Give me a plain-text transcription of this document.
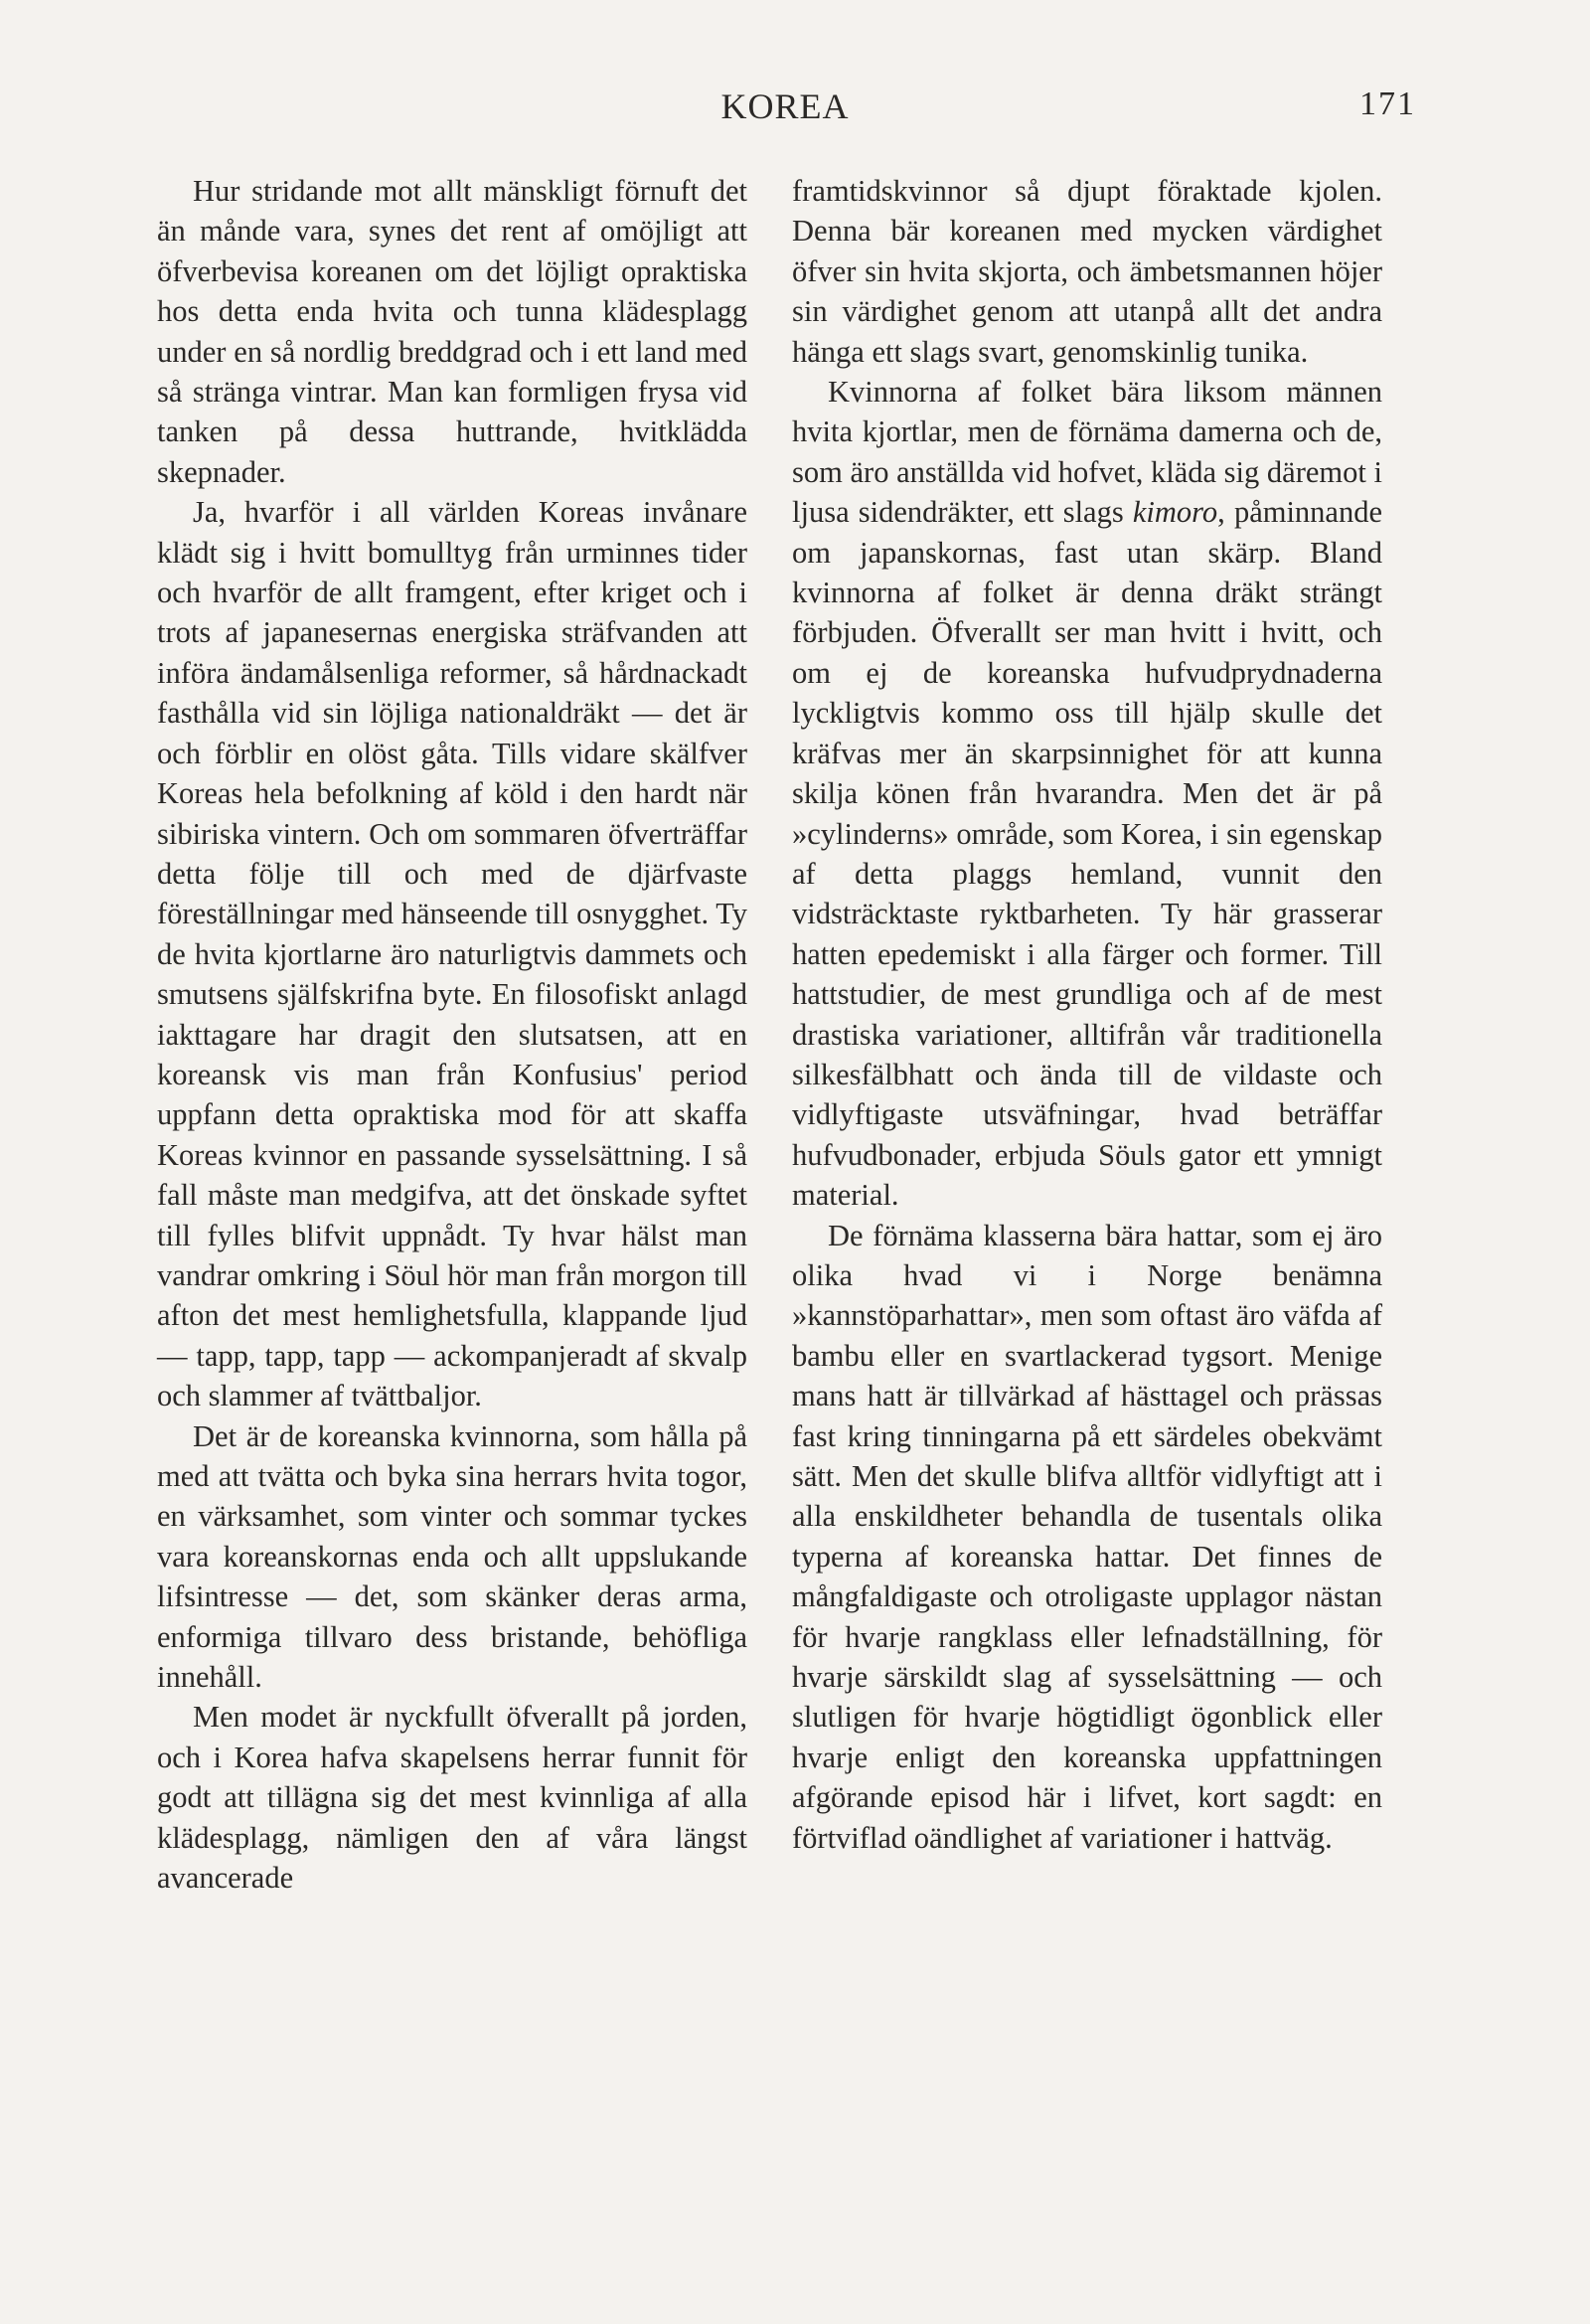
KOREA	171

Hur stridande mot allt mänskligt förnuft det än månde vara, synes det rent af omöjligt att öfverbevisa koreanen om det löjligt opraktiska hos detta enda hvita och tunna klädesplagg under en så nordlig breddgrad och i ett land med så stränga vintrar. Man kan formligen frysa vid tanken på dessa huttrande, hvitklädda skepnader.

Ja, hvarför i all världen Koreas invånare klädt sig i hvitt bomulltyg från urminnes tider och hvarför de allt framgent, efter kriget och i trots af japanesernas energiska sträfvanden att införa ändamålsenliga reformer, så hårdnackadt fasthålla vid sin löjliga nationaldräkt — det är och förblir en olöst gåta. Tills vidare skälfver Koreas hela befolkning af köld i den hardt när sibiriska vintern. Och om sommaren öfverträffar detta följe till och med de djärfvaste föreställningar med hänseende till osnygghet. Ty de hvita kjortlarne äro naturligtvis dammets och smutsens själfskrifna byte. En filosofiskt anlagd iakttagare har dragit den slutsatsen, att en koreansk vis man från Konfusius' period uppfann detta opraktiska mod för att skaffa Koreas kvinnor en passande sysselsättning. I så fall måste man medgifva, att det önskade syftet till fylles blifvit uppnådt. Ty hvar hälst man vandrar omkring i Söul hör man från morgon till afton det mest hemlighetsfulla, klappande ljud — tapp, tapp, tapp — ackompanjeradt af skvalp och slammer af tvättbaljor.

Det är de koreanska kvinnorna, som hålla på med att tvätta och byka sina herrars hvita togor, en värksamhet, som vinter och sommar tyckes vara koreanskornas enda och allt uppslukande lifsintresse — det, som skänker deras arma, enformiga tillvaro dess bristande, behöfliga innehåll.

Men modet är nyckfullt öfverallt på jorden, och i Korea hafva skapelsens herrar funnit för godt att tillägna sig det mest kvinnliga af alla klädesplagg, nämligen den af våra längst avancerade

framtidskvinnor så djupt föraktade kjolen. Denna bär koreanen med mycken värdighet öfver sin hvita skjorta, och ämbetsmannen höjer sin värdighet genom att utanpå allt det andra hänga ett slags svart, genomskinlig tunika.

Kvinnorna af folket bära liksom männen hvita kjortlar, men de förnäma damerna och de, som äro anställda vid hofvet, kläda sig däremot i ljusa sidendräkter, ett slags kimoro, påminnande om japanskornas, fast utan skärp. Bland kvinnorna af folket är denna dräkt strängt förbjuden. Öfverallt ser man hvitt i hvitt, och om ej de koreanska hufvudprydnaderna lyckligtvis kommo oss till hjälp skulle det kräfvas mer än skarpsinnighet för att kunna skilja könen från hvarandra. Men det är på »cylinderns» område, som Korea, i sin egenskap af detta plaggs hemland, vunnit den vidsträcktaste ryktbarheten. Ty här grasserar hatten epedemiskt i alla färger och former. Till hattstudier, de mest grundliga och af de mest drastiska variationer, alltifrån vår traditionella silkesfälbhatt och ända till de vildaste och vidlyftigaste utsväfningar, hvad beträffar hufvudbonader, erbjuda Söuls gator ett ymnigt material.

De förnäma klasserna bära hattar, som ej äro olika hvad vi i Norge benämna »kannstöparhattar», men som oftast äro väfda af bambu eller en svartlackerad tygsort. Menige mans hatt är tillvärkad af hästtagel och prässas fast kring tinningarna på ett särdeles obekvämt sätt. Men det skulle blifva alltför vidlyftigt att i alla enskildheter behandla de tusentals olika typerna af koreanska hattar. Det finnes de mångfaldigaste och otroligaste upplagor nästan för hvarje rangklass eller lefnadställning, för hvarje särskildt slag af sysselsättning — och slutligen för hvarje högtidligt ögonblick eller hvarje enligt den koreanska uppfattningen afgörande episod här i lifvet, kort sagdt: en förtviflad oändlighet af variationer i hattväg.
